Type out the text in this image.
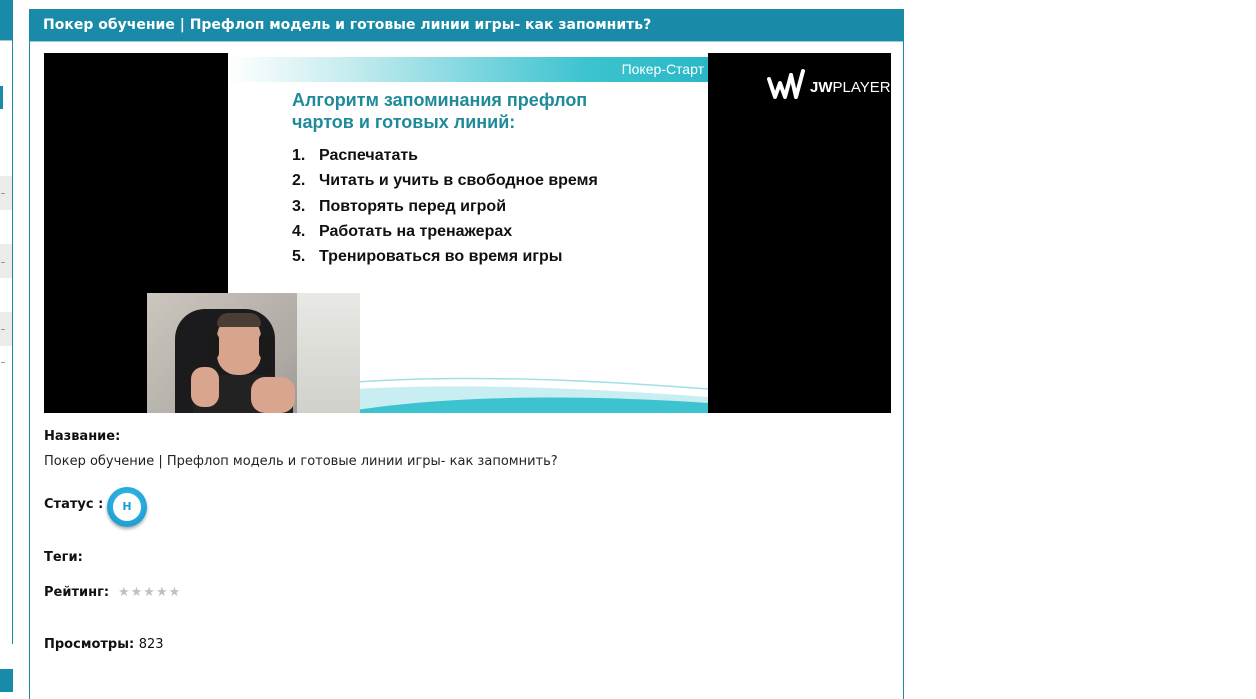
Покер обучение | Префлоп модель и готовые линии игры- как запомнить?
Покер-Старт
Алгоритм запоминания префлоп
чартов и готовых линий:
1. Распечатать
2. Читать и учить в свободное время
3. Повторять перед игрой
4. Работать на тренажерах
5. Тренироваться во время игры
JWPLAYER
Название:
Покер обучение | Префлоп модель и готовые линии игры- как запомнить?
Статус :	Н
Теги:
Рейтинг: ★★★★★
Просмотры: 823
